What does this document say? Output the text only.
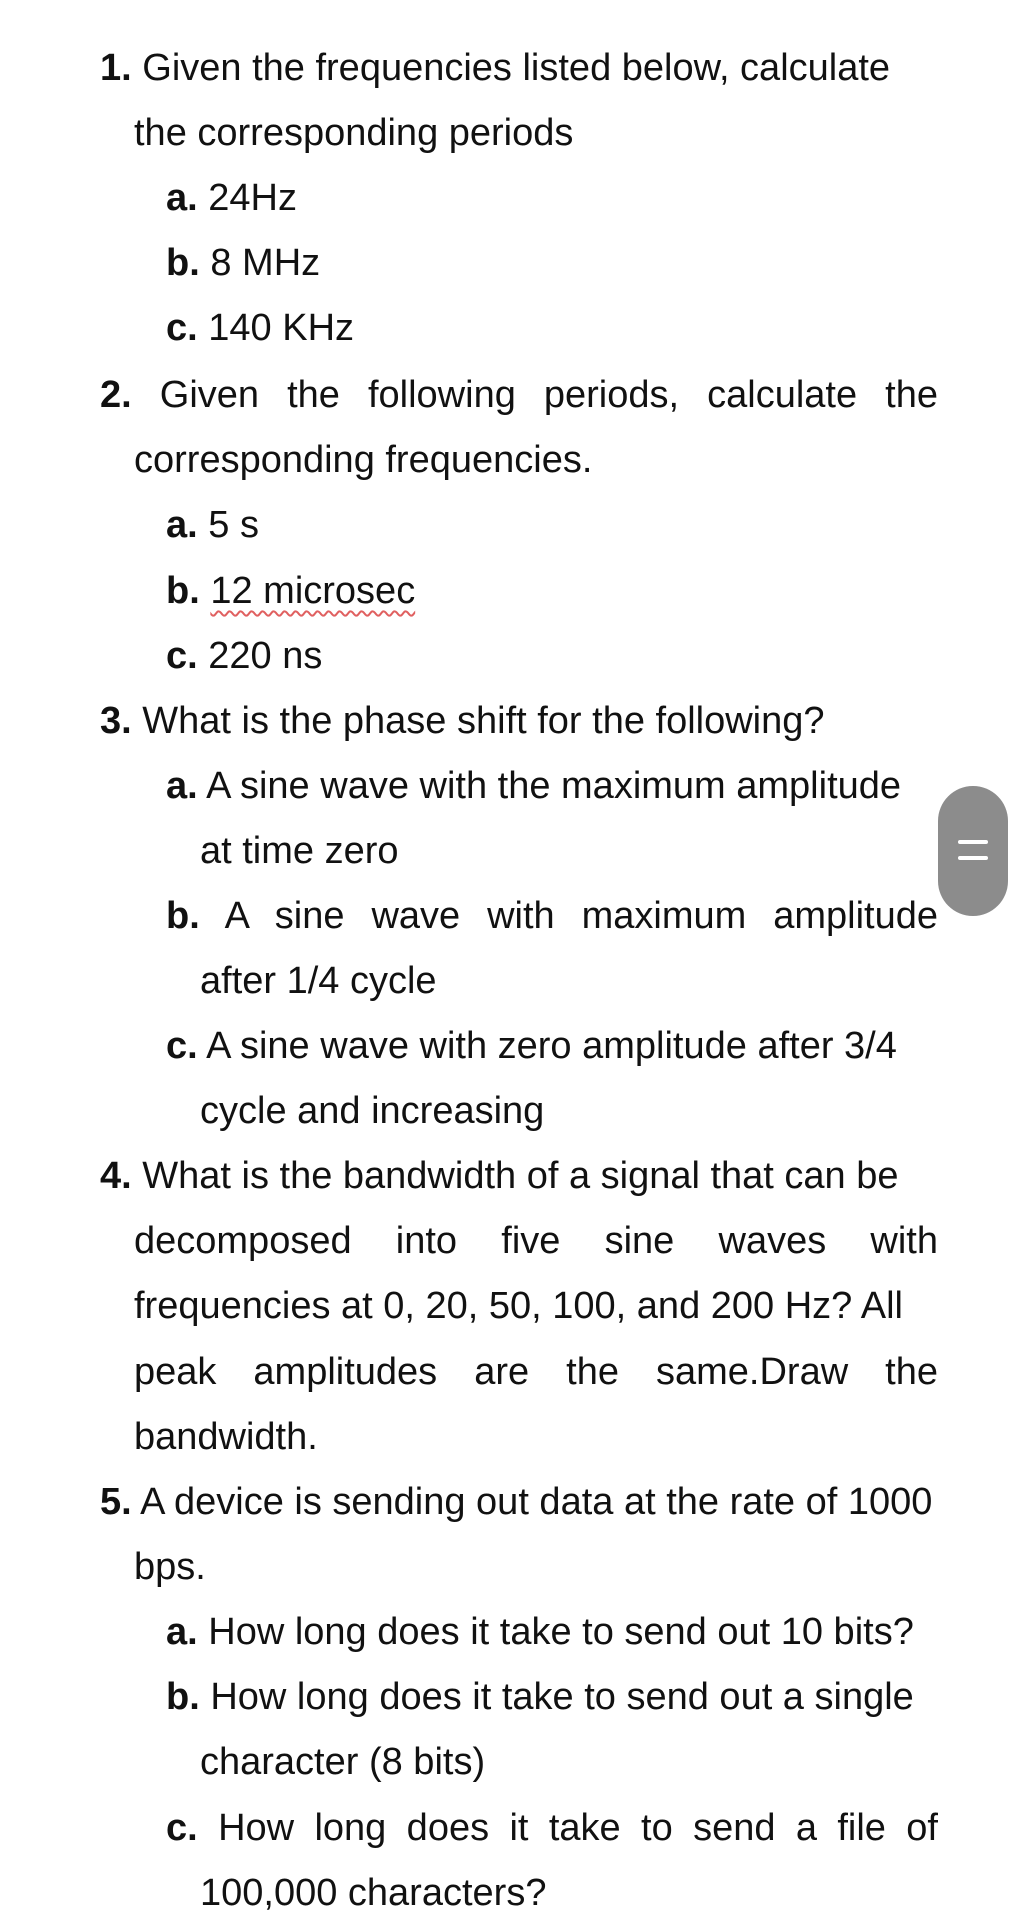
1. Given the frequencies listed below, calculate
the corresponding periods
a. 24Hz
b. 8 MHz
c. 140 KHz
2. Given the following periods, calculate the
corresponding frequencies.
a. 5 s
b. 12 microsec
c. 220 ns
3. What is the phase shift for the following?
a. A sine wave with the maximum amplitude
at time zero
b. A sine wave with maximum amplitude
after 1/4 cycle
c. A sine wave with zero amplitude after 3/4
cycle and increasing
4. What is the bandwidth of a signal that can be
decomposed into five sine waves with
frequencies at 0, 20, 50, 100, and 200 Hz? All
peak amplitudes are the same.Draw the
bandwidth.
5. A device is sending out data at the rate of 1000
bps.
a. How long does it take to send out 10 bits?
b. How long does it take to send out a single
character (8 bits)
c. How long does it take to send a file of
100,000 characters?
